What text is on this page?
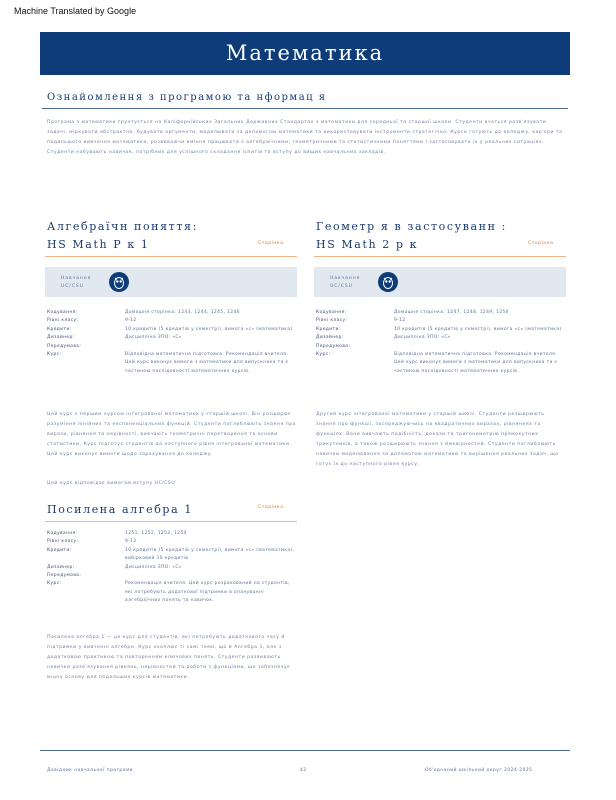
Machine Translated by Google
Математика
Ознайомлення з програмою та нформац я
Програма з математики ґрунтується на Каліфорнійських Загальних Державних Стандартах з математики для середньої та старшої школи. Студенти вчаться розв'язувати задачі, міркувати абстрактно, будувати аргументи, моделювати за допомогою математики та використовувати інструменти стратегічно. Курси готують до коледжу, кар'єри та подальшого вивчення математики, розвиваючи вміння працювати з алгебраїчними, геометричними та статистичними поняттями і застосовувати їх у реальних ситуаціях. Студенти набувають навичок, потрібних для успішного складання іспитів та вступу до вищих навчальних закладів.
Алгебраїчн поняття:
HS Math Р к 1	Сторінка
Навчання
UC/CSU
Кодування:	Домашня сторінка: 1243, 1244, 1245, 1246
Рівні класу:	9-12
Кредити:	10 кредитів (5 кредитів у семестрі), вимога «с» (математика)
Дизайнер:	Дисципліна ЗПО: «C»
Передумова:
Курс:	Відповідна математична підготовка. Рекомендація вчителя. Цей курс виконує вимоги з математики для випускника та є частиною послідовності математичних курсів.
Цей курс є першим курсом інтегрованої математики у старшій школі. Він розширює розуміння лінійних та експоненціальних функцій. Студенти поглиблюють знання про вирази, рівняння та нерівності, вивчають геометричні перетворення та основи статистики. Курс підготує студентів до наступного рівня інтегрованої математики. Цей курс виконує вимоги щодо зарахування до коледжу.
Цей курс відповідає вимогам вступу UC/CSU.
Геометр я в застосуванн :
HS Math 2 р к	Сторінка
Навчання
UC/CSU
Кодування:	Домашня сторінка: 1247, 1248, 1249, 1250
Рівні класу:	9-12
Кредити:	10 кредитів (5 кредитів у семестрі), вимога «с» (математика)
Дизайнер:	Дисципліна ЗПО: «C»
Передумова:
Курс:	Відповідна математична підготовка. Рекомендація вчителя. Цей курс виконує вимоги з математики для випускника та є частиною послідовності математичних курсів.
Другий курс інтегрованої математики у старшій школі. Студенти розширюють знання про функції, зосереджуючись на квадратичних виразах, рівняннях та функціях. Вони вивчають подібність, докази та тригонометрію прямокутних трикутників, а також розширюють знання з ймовірностей. Студенти поглиблюють навички моделювання за допомогою математики та вирішення реальних задач, що готує їх до наступного рівня курсу.
Посилена алгебра 1	Сторінка
Кодування:	1251, 1252, 1253, 1254
Рівні класу:	9-12
Кредити:	10 кредитів (5 кредитів у семестрі), вимога «с» (математика), вибірковий 10 кредитів
Дизайнер:	Дисципліна ЗПО: «C»
Передумова:
Курс:	Рекомендація вчителя. Цей курс розрахований на студентів, які потребують додаткової підтримки в опануванні алгебраїчних понять та навичок.
Посилена алгебра 1 — це курс для студентів, які потребують додаткового часу й підтримки у вивченні алгебри. Курс охоплює ті самі теми, що й Алгебра 1, але з додатковою практикою та повторенням ключових понять. Студенти розвивають навички розв'язування рівнянь, нерівностей та роботи з функціями, що забезпечує міцну основу для подальших курсів математики.
Довідник навчальної програми	42	Об'єднаний шкільний округ 2024-2025
